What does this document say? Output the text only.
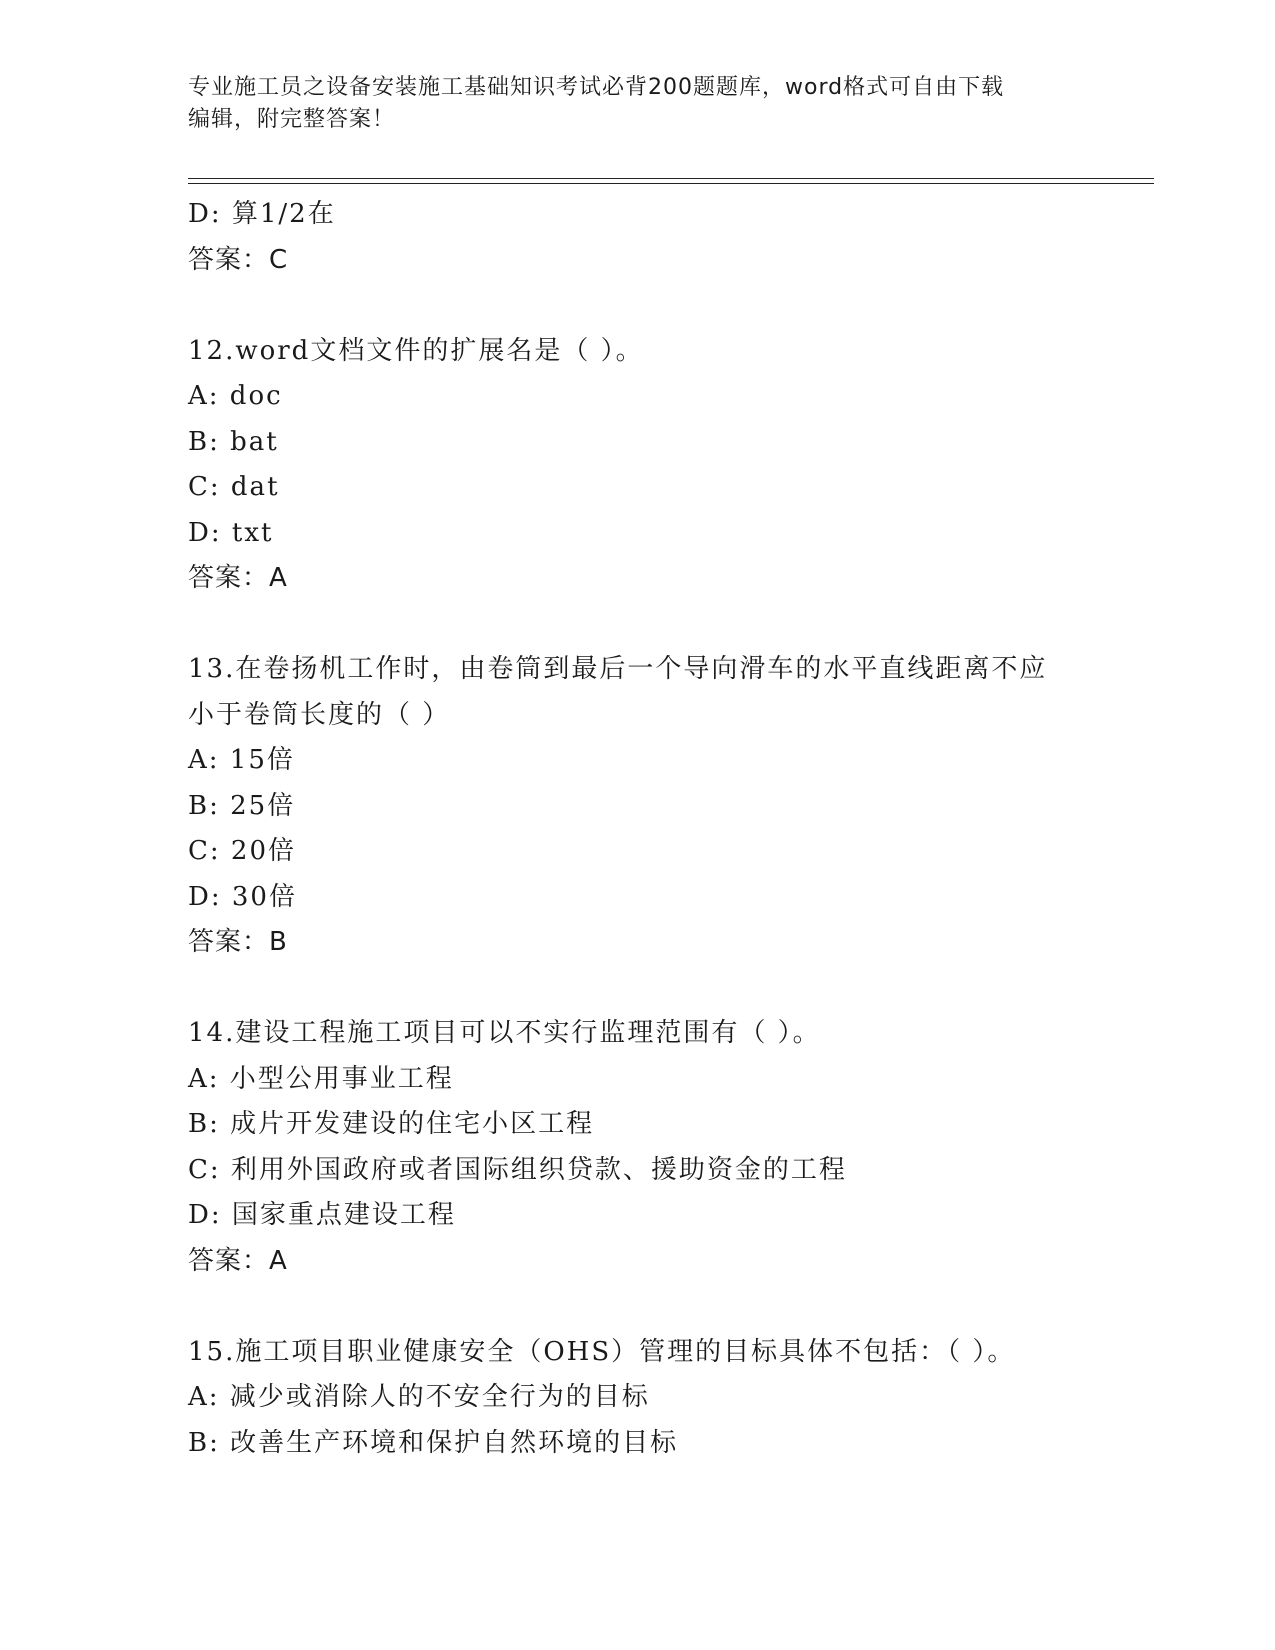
专业施工员之设备安装施工基础知识考试必背200题题库，word格式可自由下载
编辑，附完整答案！
D: 算1/2在
答案：C
12.word文档文件的扩展名是（ ）。
A: doc
B: bat
C: dat
D: txt
答案：A
13.在卷扬机工作时，由卷筒到最后一个导向滑车的水平直线距离不应
小于卷筒长度的（ ）
A: 15倍
B: 25倍
C: 20倍
D: 30倍
答案：B
14.建设工程施工项目可以不实行监理范围有（ ）。
A: 小型公用事业工程
B: 成片开发建设的住宅小区工程
C: 利用外国政府或者国际组织贷款、援助资金的工程
D: 国家重点建设工程
答案：A
15.施工项目职业健康安全（OHS）管理的目标具体不包括：（ ）。
A: 减少或消除人的不安全行为的目标
B: 改善生产环境和保护自然环境的目标
